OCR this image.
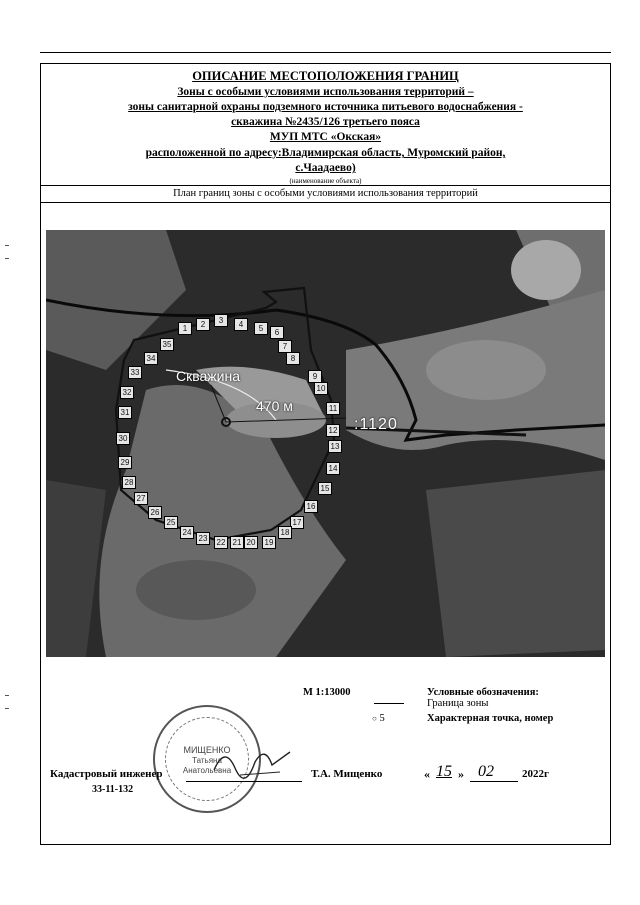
ОПИСАНИЕ МЕСТОПОЛОЖЕНИЯ ГРАНИЦ
Зоны с особыми условиями использования территорий –
зоны санитарной охраны подземного источника питьевого водоснабжения -
скважина №2435/126 третьего пояса
МУП МТС «Окская»
расположенной по адресу:Владимирская область, Муромский район,
с.Чаадаево)
(наименование объекта)
План границ зоны с особыми условиями использования территорий
Скважина
470 м
:1120
1	2	3	4	5	6
7
8
9
10
11
12
13
14
15
16
17
18
19
20
21
22
23
24
25
26
27
28
29
30
31
32
33
34
35
М 1:13000	Условные обозначения:
Граница зоны
○ 5	Характерная точка, номер
МИЩЕНКО
Татьяна
Анатольевна
Кадастровый инженер
33-11-132
Т.А. Мищенко	« 15 » 02	2022г
